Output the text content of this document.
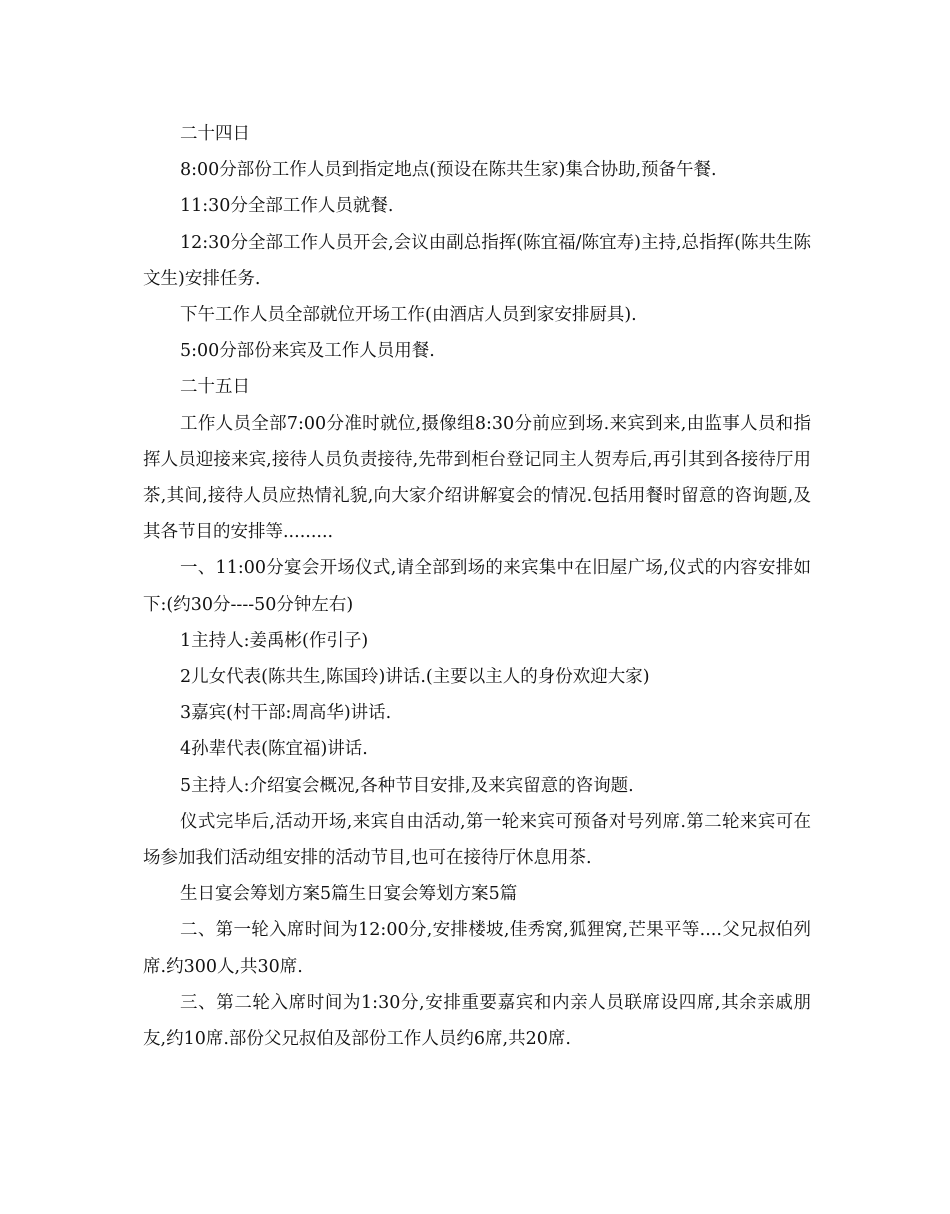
二十四日

8:00分部份工作人员到指定地点(预设在陈共生家)集合协助,预备午餐.

11:30分全部工作人员就餐.

12:30分全部工作人员开会,会议由副总指挥(陈宜福/陈宜寿)主持,总指挥(陈共生陈文生)安排任务.

下午工作人员全部就位开场工作(由酒店人员到家安排厨具).

5:00分部份来宾及工作人员用餐.

二十五日

工作人员全部7:00分准时就位,摄像组8:30分前应到场.来宾到来,由监事人员和指挥人员迎接来宾,接待人员负责接待,先带到柜台登记同主人贺寿后,再引其到各接待厅用茶,其间,接待人员应热情礼貌,向大家介绍讲解宴会的情况.包括用餐时留意的咨询题,及其各节目的安排等.........

一、11:00分宴会开场仪式,请全部到场的来宾集中在旧屋广场,仪式的内容安排如下:(约30分----50分钟左右)

1主持人:姜禹彬(作引子)

2儿女代表(陈共生,陈国玲)讲话.(主要以主人的身份欢迎大家)

3嘉宾(村干部:周高华)讲话.

4孙辈代表(陈宜福)讲话.

5主持人:介绍宴会概况,各种节目安排,及来宾留意的咨询题.

仪式完毕后,活动开场,来宾自由活动,第一轮来宾可预备对号列席.第二轮来宾可在场参加我们活动组安排的活动节目,也可在接待厅休息用茶.

生日宴会筹划方案5篇生日宴会筹划方案5篇

二、第一轮入席时间为12:00分,安排楼坡,佳秀窝,狐狸窝,芒果平等....父兄叔伯列席.约300人,共30席.

三、第二轮入席时间为1:30分,安排重要嘉宾和内亲人员联席设四席,其余亲戚朋友,约10席.部份父兄叔伯及部份工作人员约6席,共20席.
